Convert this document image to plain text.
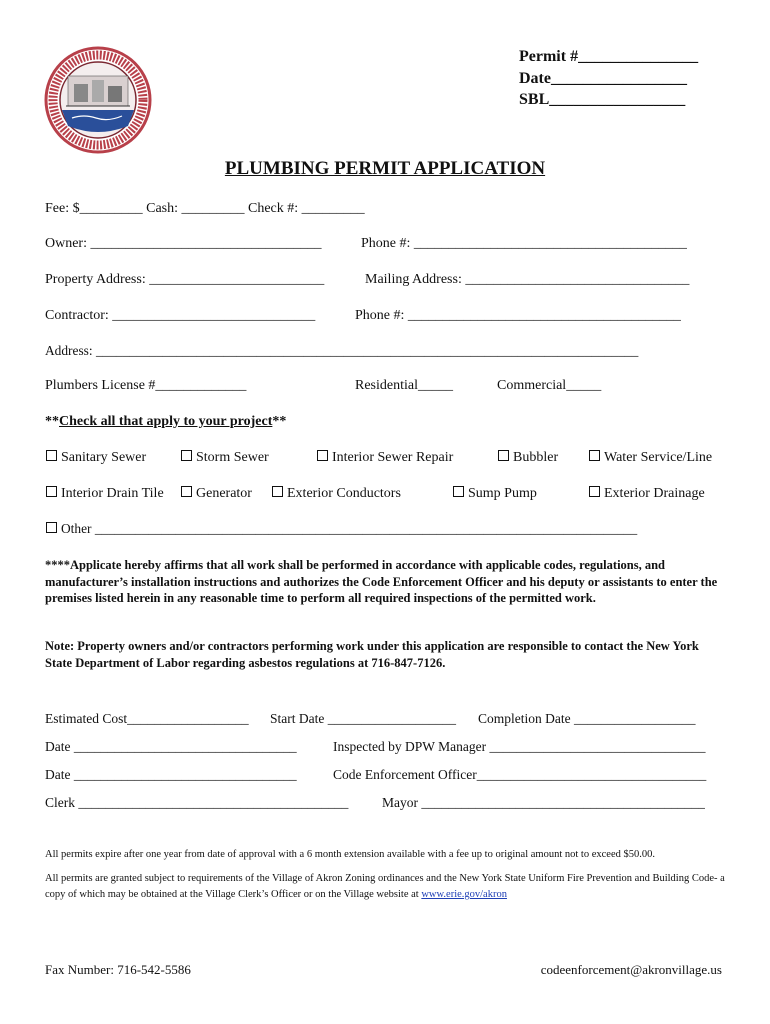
Permit #_______________
Date_________________
SBL_________________
PLUMBING PERMIT APPLICATION
Fee: $_________ Cash: _________ Check #: _________
Owner: _________________________________	Phone #: _______________________________________
Property Address: _________________________	Mailing Address: ________________________________
Contractor: _____________________________	Phone #: _______________________________________
Address: _________________________________________________________________________________
Plumbers License #_____________	Residential_____	Commercial_____
**Check all that apply to your project**
Sanitary Sewer	Storm Sewer	Interior Sewer Repair	Bubbler	Water Service/Line
Interior Drain Tile	Generator	Exterior Conductors	Sump Pump	Exterior Drainage
Other _________________________________________________________________________________
****Applicate hereby affirms that all work shall be performed in accordance with applicable codes, regulations, and manufacturer’s installation instructions and authorizes the Code Enforcement Officer and his deputy or assistants to enter the premises listed herein in any reasonable time to perform all required inspections of the permitted work.
Note: Property owners and/or contractors performing work under this application are responsible to contact the New York State Department of Labor regarding asbestos regulations at 716-847-7126.
Estimated Cost__________________ Start Date ___________________ Completion Date __________________
Date _________________________________	Inspected by DPW Manager ________________________________
Date _________________________________	Code Enforcement Officer__________________________________
Clerk ________________________________________ Mayor __________________________________________
All permits expire after one year from date of approval with a 6 month extension available with a fee up to original amount not to exceed $50.00.
All permits are granted subject to requirements of the Village of Akron Zoning ordinances and the New York State Uniform Fire Prevention and Building Code- a copy of which may be obtained at the Village Clerk’s Officer or on the Village website at www.erie.gov/akron
Fax Number: 716-542-5586	codeenforcement@akronvillage.us
